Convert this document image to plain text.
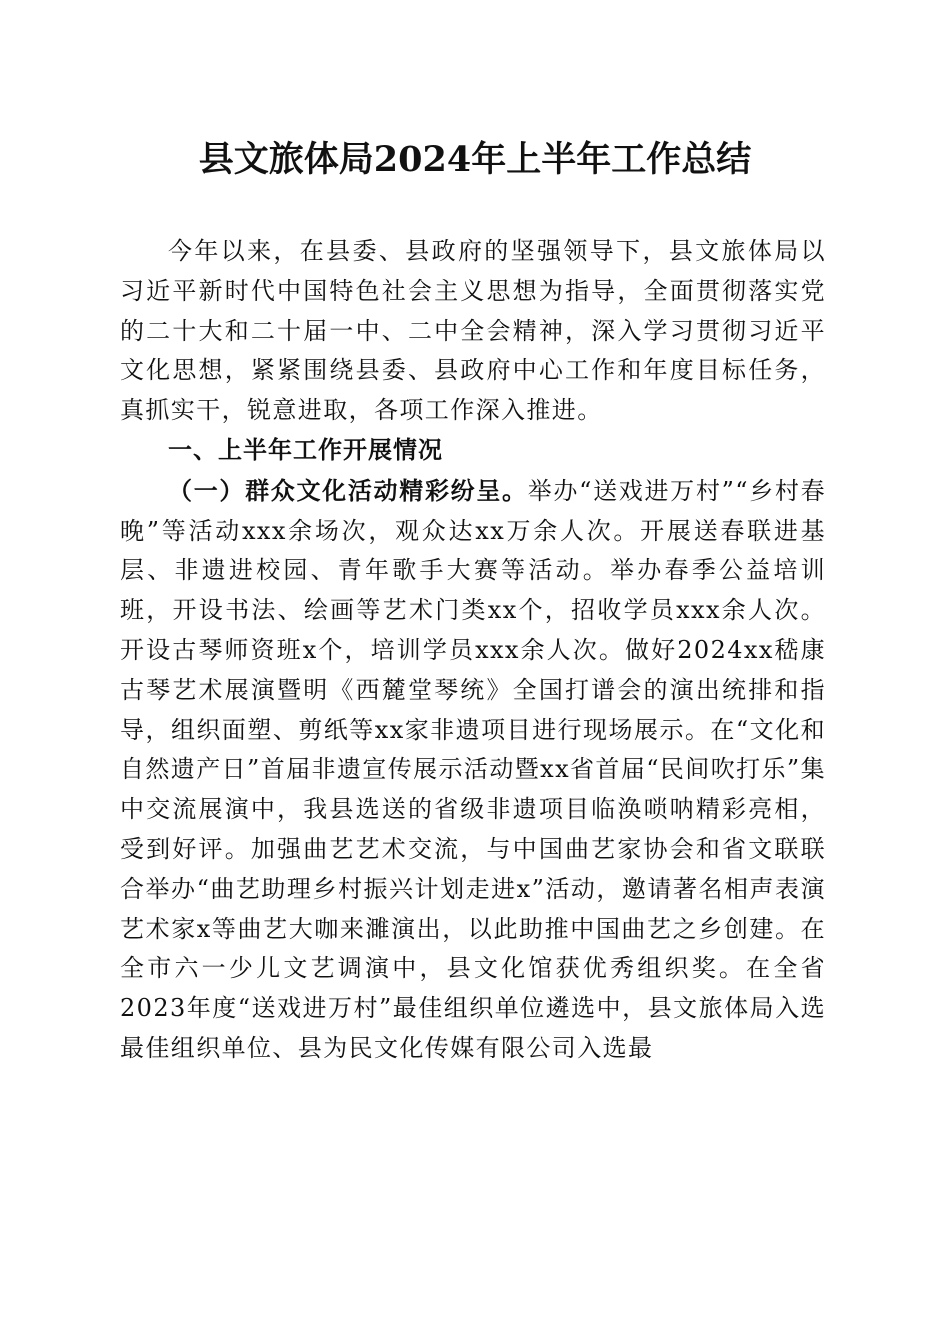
县文旅体局2024年上半年工作总结

今年以来，在县委、县政府的坚强领导下，县文旅体局以习近平新时代中国特色社会主义思想为指导，全面贯彻落实党的二十大和二十届一中、二中全会精神，深入学习贯彻习近平文化思想，紧紧围绕县委、县政府中心工作和年度目标任务，真抓实干，锐意进取，各项工作深入推进。

一、上半年工作开展情况

（一）群众文化活动精彩纷呈。举办“送戏进万村”“乡村春晚”等活动xxx余场次，观众达xx万余人次。开展送春联进基层、非遗进校园、青年歌手大赛等活动。举办春季公益培训班，开设书法、绘画等艺术门类xx个，招收学员xxx余人次。开设古琴师资班x个，培训学员xxx余人次。做好2024xx嵇康古琴艺术展演暨明《西麓堂琴统》全国打谱会的演出统排和指导，组织面塑、剪纸等xx家非遗项目进行现场展示。在“文化和自然遗产日”首届非遗宣传展示活动暨xx省首届“民间吹打乐”集中交流展演中，我县选送的省级非遗项目临涣唢呐精彩亮相，受到好评。加强曲艺艺术交流，与中国曲艺家协会和省文联联合举办“曲艺助理乡村振兴计划走进x”活动，邀请著名相声表演艺术家x等曲艺大咖来濉演出，以此助推中国曲艺之乡创建。在全市六一少儿文艺调演中，县文化馆获优秀组织奖。在全省2023年度“送戏进万村”最佳组织单位遴选中，县文旅体局入选最佳组织单位、县为民文化传媒有限公司入选最
